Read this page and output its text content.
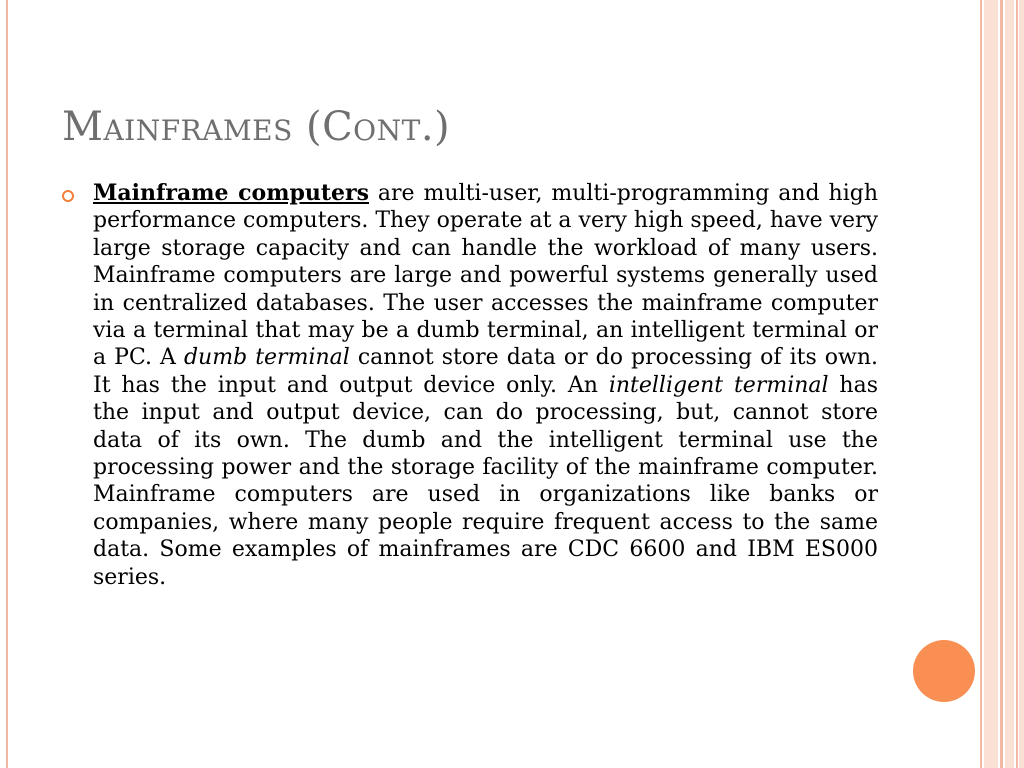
Mainframes (Cont.)
Mainframe computers are multi-user, multi-programming and high performance computers. They operate at a very high speed, have very large storage capacity and can handle the workload of many users. Mainframe computers are large and powerful systems generally used in centralized databases. The user accesses the mainframe computer via a terminal that may be a dumb terminal, an intelligent terminal or a PC. A dumb terminal cannot store data or do processing of its own. It has the input and output device only. An intelligent terminal has the input and output device, can do processing, but, cannot store data of its own. The dumb and the intelligent terminal use the processing power and the storage facility of the mainframe computer. Mainframe computers are used in organizations like banks or companies, where many people require frequent access to the same data. Some examples of mainframes are CDC 6600 and IBM ES000 series.
